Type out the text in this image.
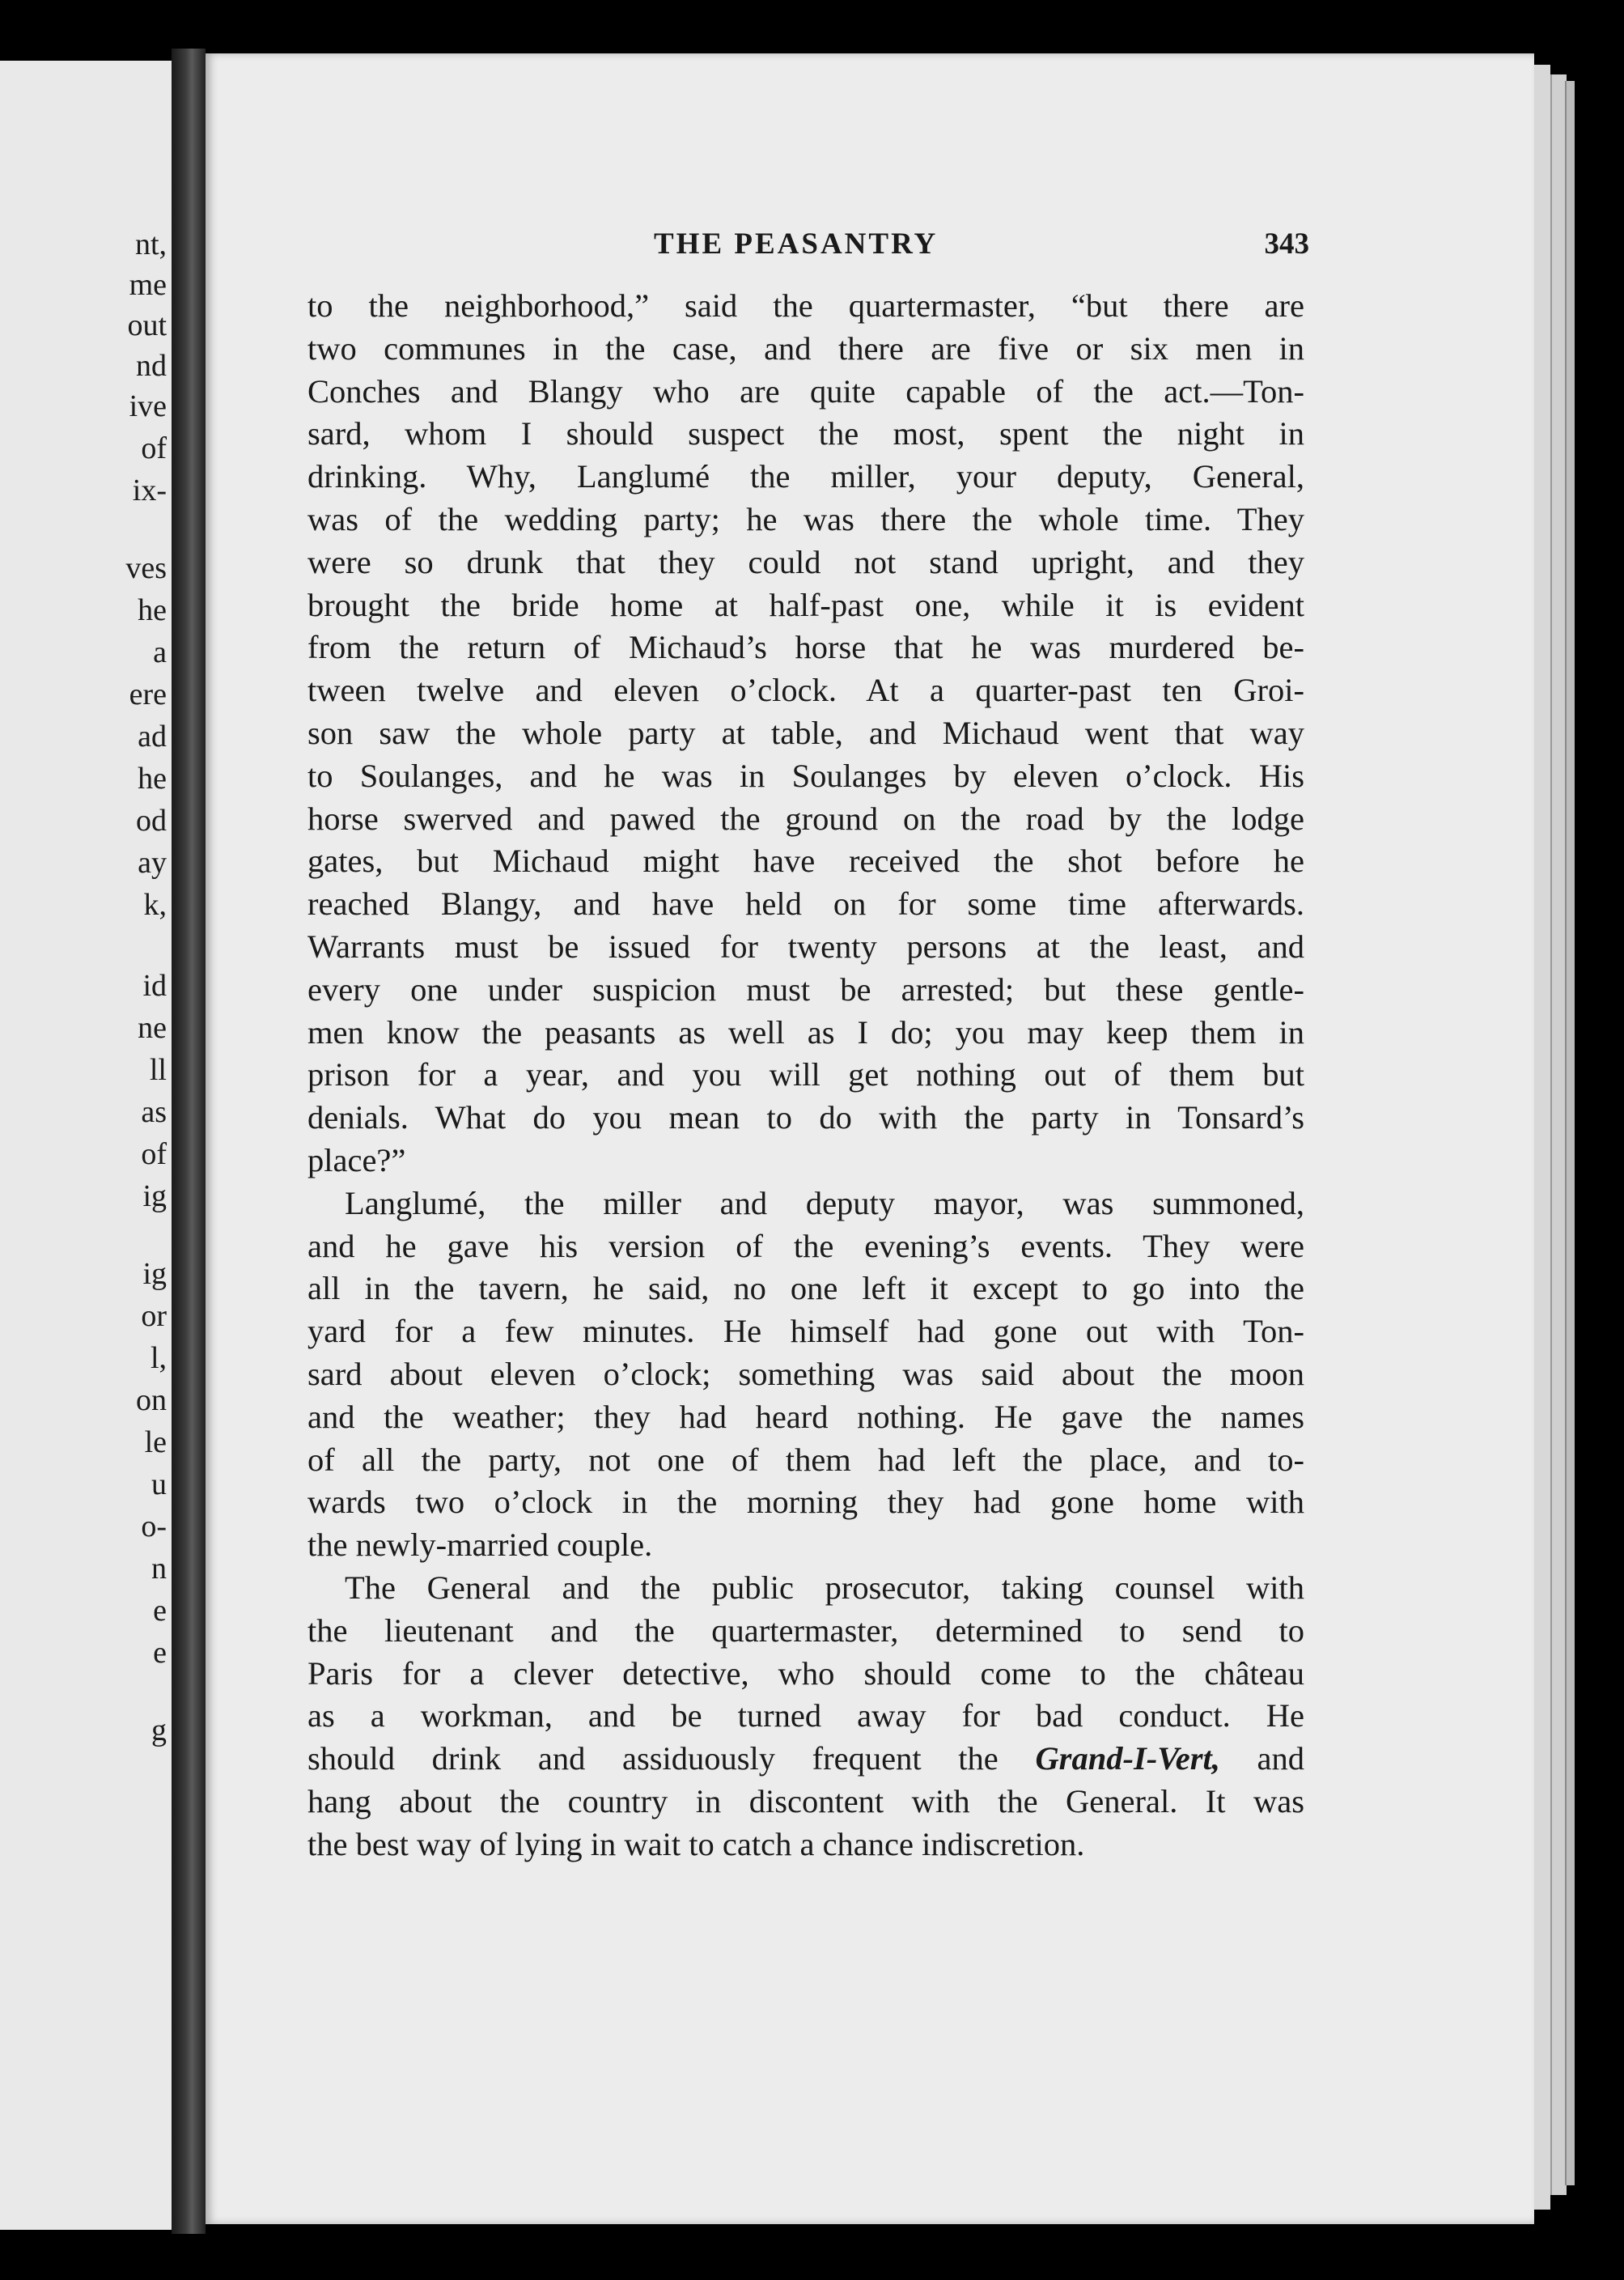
nt,
me
out
nd
ive
of
ix-
ves
he
a
ere
ad
he
od
ay
k,
id
ne
ll
as
of
ig
ig
or
l,
on
le
u
o-
n
e
e
g
THE PEASANTRY	343
to the neighborhood,” said the quartermaster, “but there are
two communes in the case, and there are five or six men in
Conches and Blangy who are quite capable of the act.—Ton-
sard, whom I should suspect the most, spent the night in
drinking. Why, Langlumé the miller, your deputy, General,
was of the wedding party; he was there the whole time. They
were so drunk that they could not stand upright, and they
brought the bride home at half-past one, while it is evident
from the return of Michaud’s horse that he was murdered be-
tween twelve and eleven o’clock. At a quarter-past ten Groi-
son saw the whole party at table, and Michaud went that way
to Soulanges, and he was in Soulanges by eleven o’clock. His
horse swerved and pawed the ground on the road by the lodge
gates, but Michaud might have received the shot before he
reached Blangy, and have held on for some time afterwards.
Warrants must be issued for twenty persons at the least, and
every one under suspicion must be arrested; but these gentle-
men know the peasants as well as I do; you may keep them in
prison for a year, and you will get nothing out of them but
denials. What do you mean to do with the party in Tonsard’s
place?”
Langlumé, the miller and deputy mayor, was summoned,
and he gave his version of the evening’s events. They were
all in the tavern, he said, no one left it except to go into the
yard for a few minutes. He himself had gone out with Ton-
sard about eleven o’clock; something was said about the moon
and the weather; they had heard nothing. He gave the names
of all the party, not one of them had left the place, and to-
wards two o’clock in the morning they had gone home with
the newly-married couple.
The General and the public prosecutor, taking counsel with
the lieutenant and the quartermaster, determined to send to
Paris for a clever detective, who should come to the château
as a workman, and be turned away for bad conduct. He
should drink and assiduously frequent the Grand-I-Vert, and
hang about the country in discontent with the General. It was
the best way of lying in wait to catch a chance indiscretion.
